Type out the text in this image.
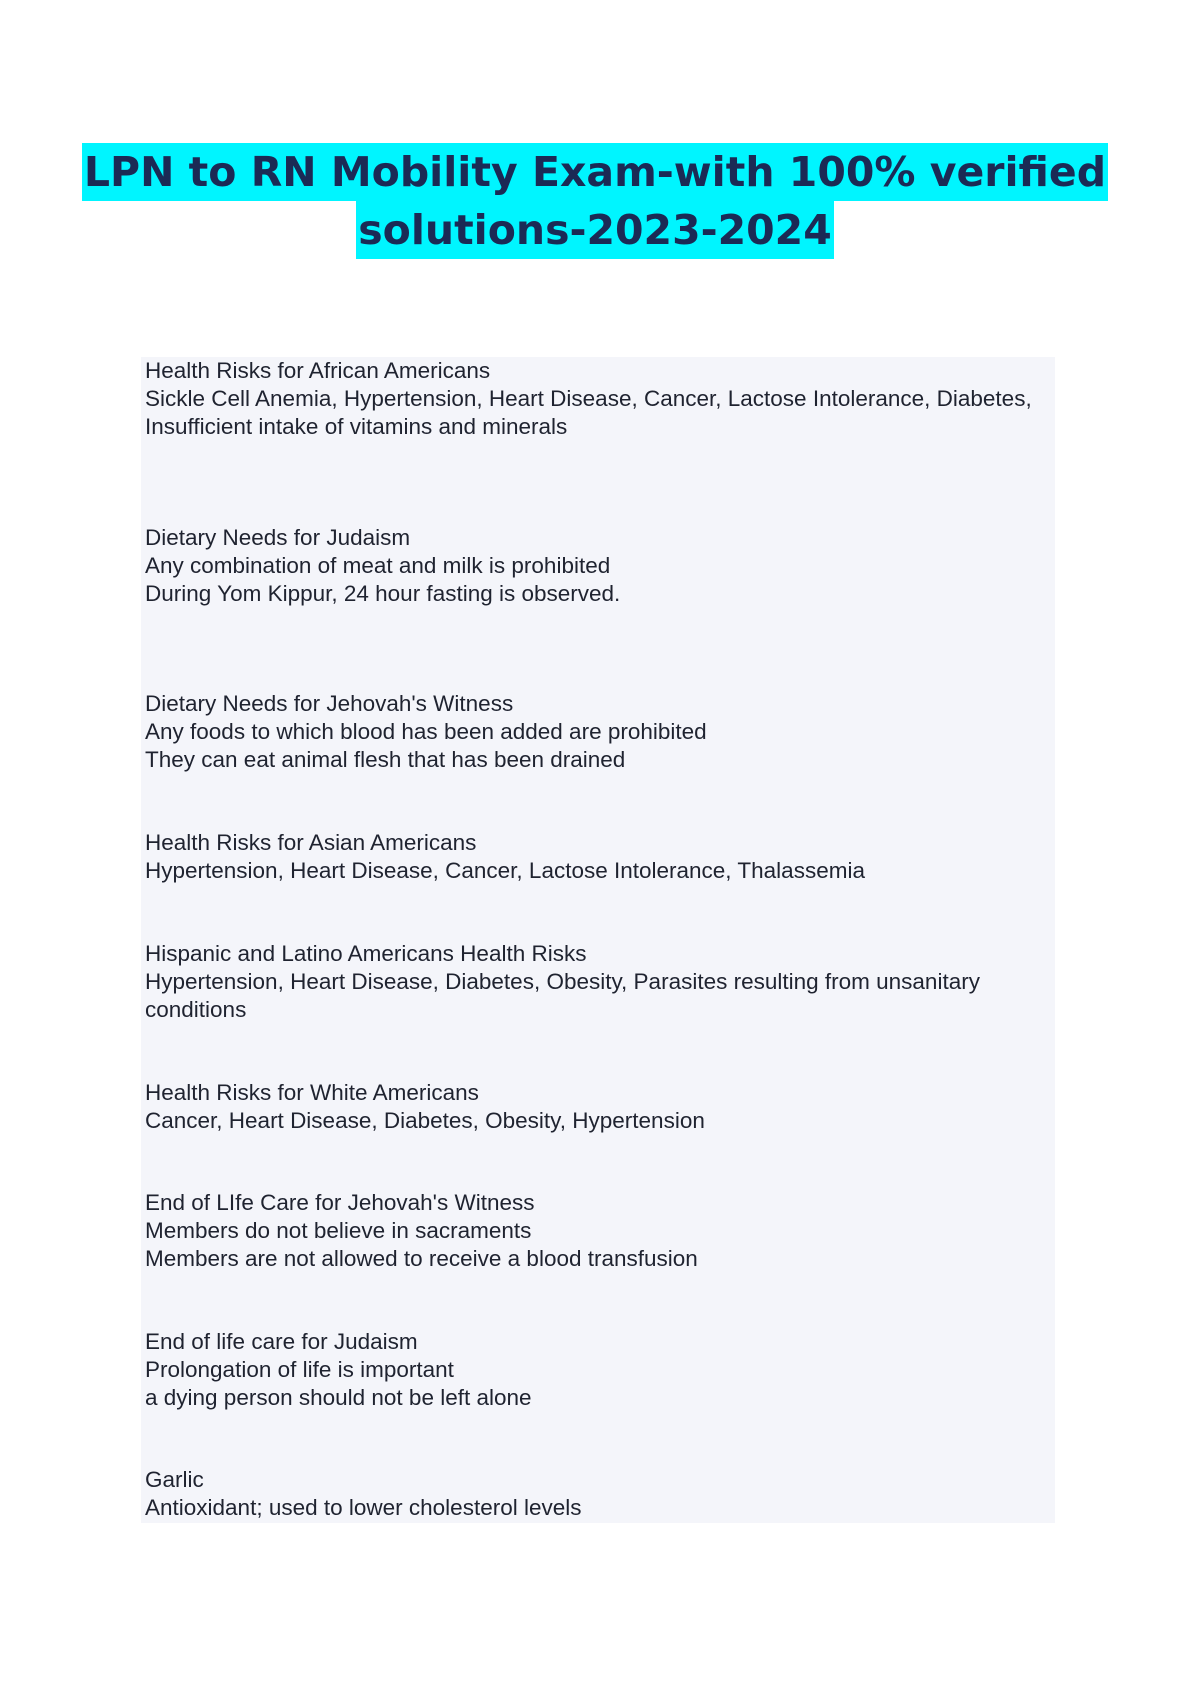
LPN to RN Mobility Exam-with 100% verified
solutions-2023-2024
Health Risks for African Americans
Sickle Cell Anemia, Hypertension, Heart Disease, Cancer, Lactose Intolerance, Diabetes, Insufficient intake of vitamins and minerals
Dietary Needs for Judaism
Any combination of meat and milk is prohibited
During Yom Kippur, 24 hour fasting is observed.
Dietary Needs for Jehovah's Witness
Any foods to which blood has been added are prohibited
They can eat animal flesh that has been drained
Health Risks for Asian Americans
Hypertension, Heart Disease, Cancer, Lactose Intolerance, Thalassemia
Hispanic and Latino Americans Health Risks
Hypertension, Heart Disease, Diabetes, Obesity, Parasites resulting from unsanitary conditions
Health Risks for White Americans
Cancer, Heart Disease, Diabetes, Obesity, Hypertension
End of LIfe Care for Jehovah's Witness
Members do not believe in sacraments
Members are not allowed to receive a blood transfusion
End of life care for Judaism
Prolongation of life is important
a dying person should not be left alone
Garlic
Antioxidant; used to lower cholesterol levels
